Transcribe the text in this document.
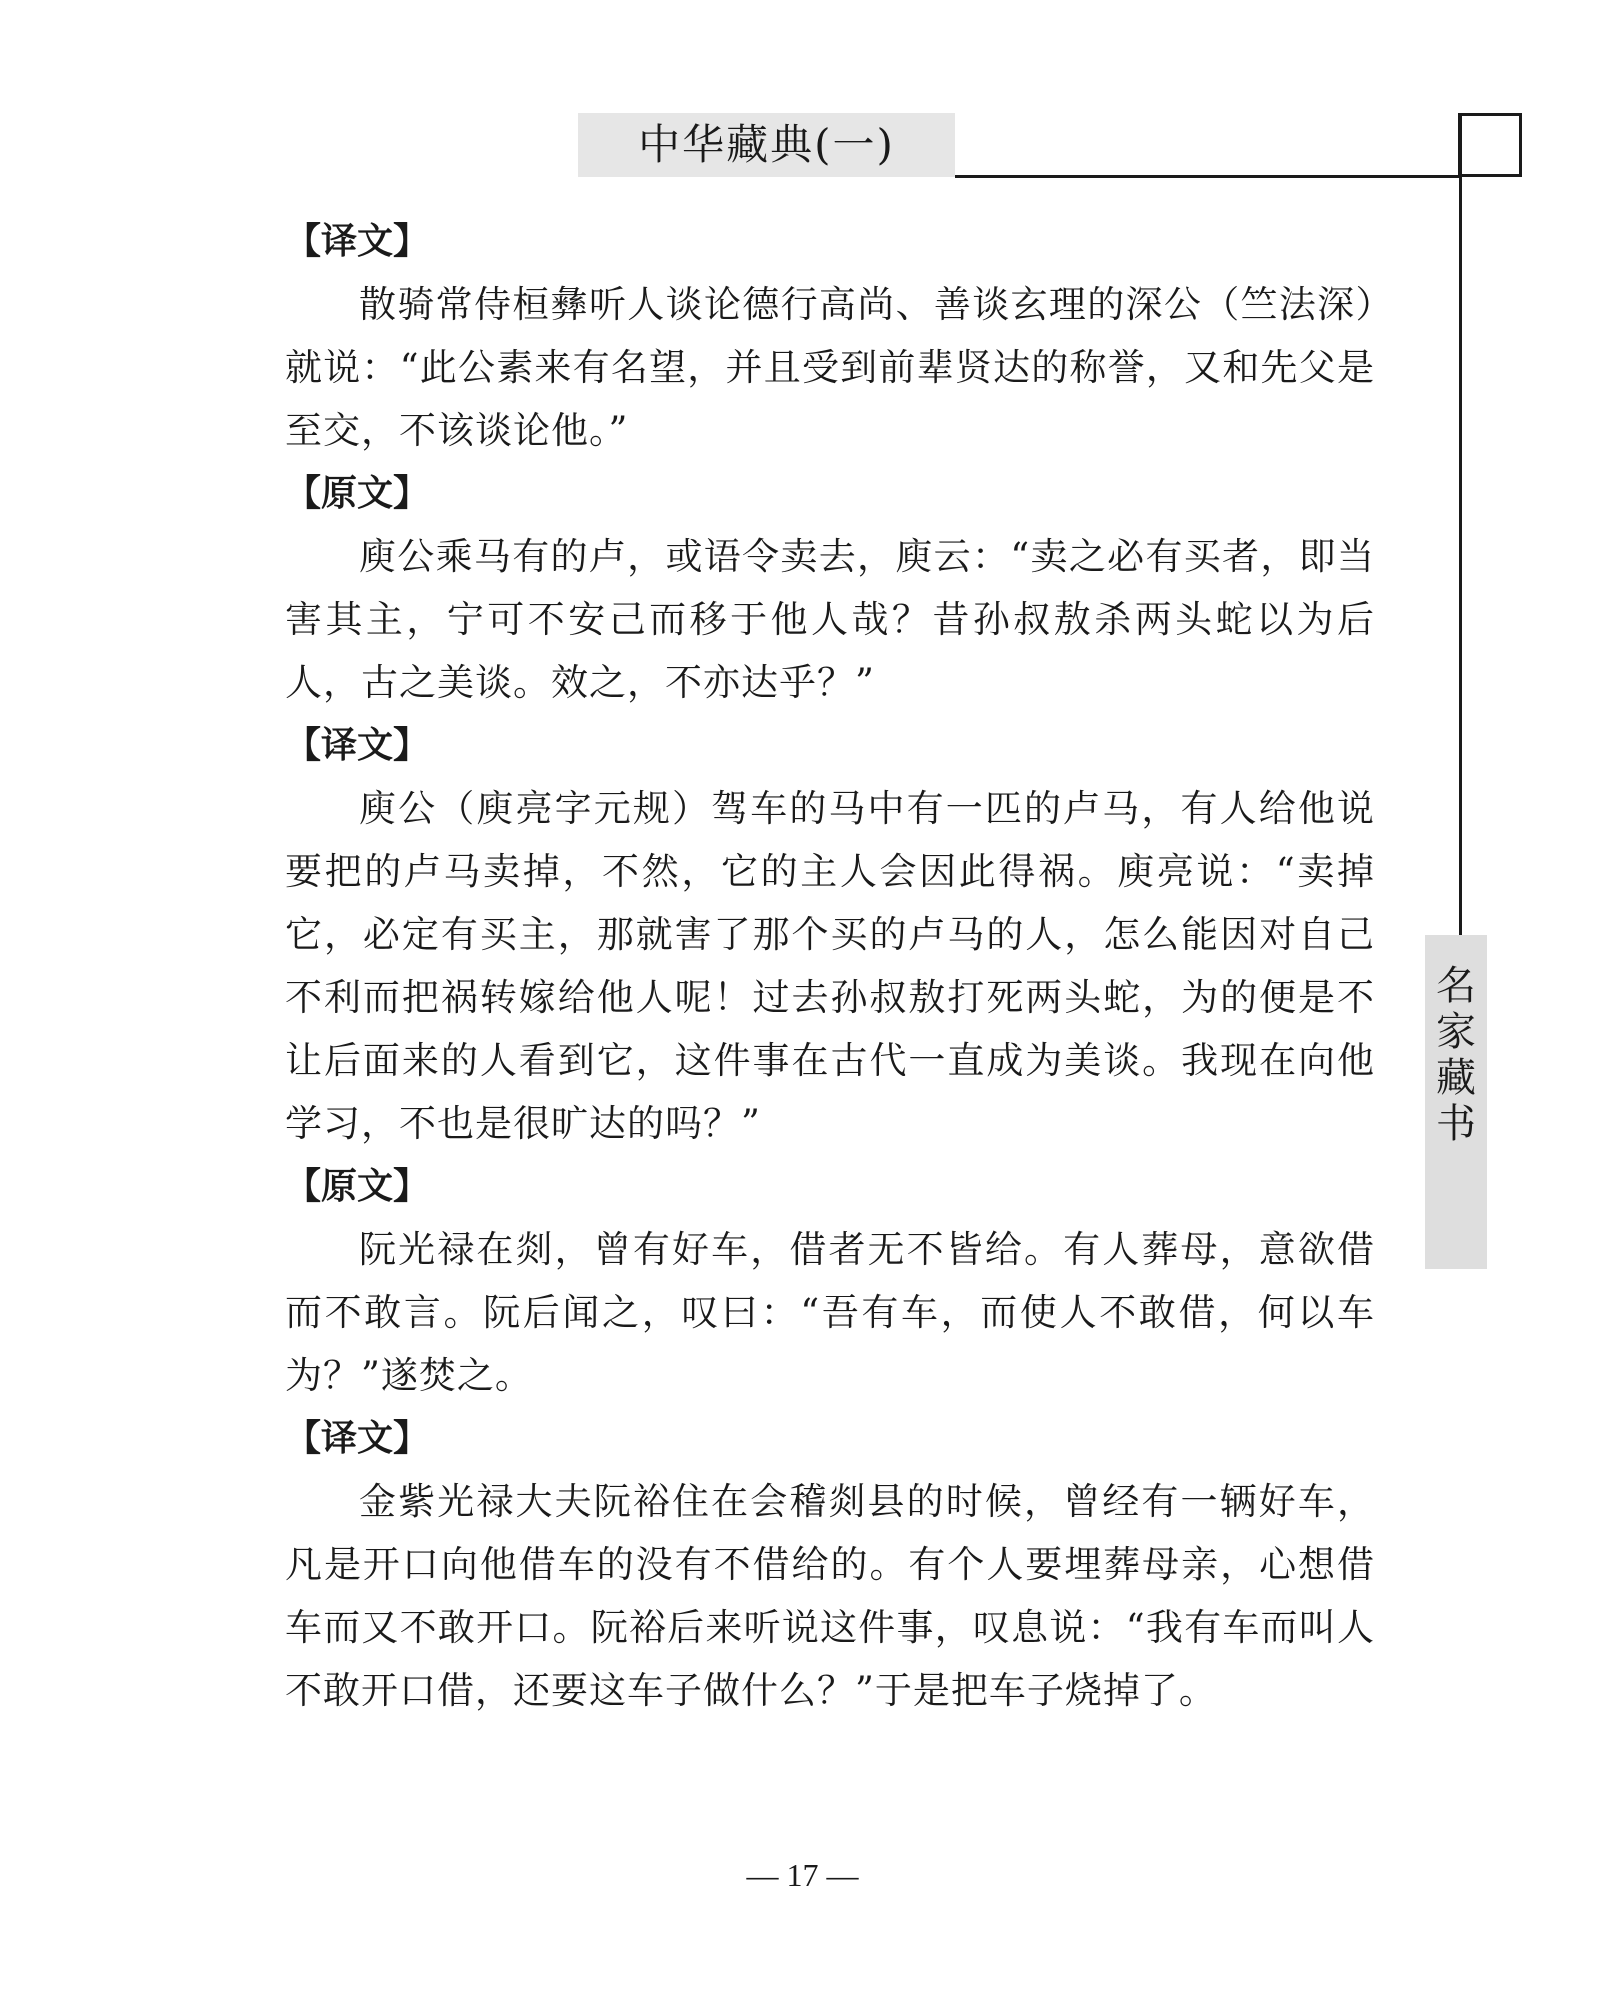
中华藏典(一)
名
家
藏
书

【译文】

散骑常侍桓彝听人谈论德行高尚、善谈玄理的深公（竺法深）就说：“此公素来有名望，并且受到前辈贤达的称誉，又和先父是至交，不该谈论他。”

【原文】

庾公乘马有的卢，或语令卖去，庾云：“卖之必有买者，即当害其主，宁可不安己而移于他人哉？昔孙叔敖杀两头蛇以为后人，古之美谈。效之，不亦达乎？”

【译文】

庾公（庾亮字元规）驾车的马中有一匹的卢马，有人给他说要把的卢马卖掉，不然，它的主人会因此得祸。庾亮说：“卖掉它，必定有买主，那就害了那个买的卢马的人，怎么能因对自己不利而把祸转嫁给他人呢！过去孙叔敖打死两头蛇，为的便是不让后面来的人看到它，这件事在古代一直成为美谈。我现在向他学习，不也是很旷达的吗？”

【原文】

阮光禄在剡，曾有好车，借者无不皆给。有人葬母，意欲借而不敢言。阮后闻之，叹曰：“吾有车，而使人不敢借，何以车为？”遂焚之。

【译文】

金紫光禄大夫阮裕住在会稽剡县的时候，曾经有一辆好车，凡是开口向他借车的没有不借给的。有个人要埋葬母亲，心想借车而又不敢开口。阮裕后来听说这件事，叹息说：“我有车而叫人不敢开口借，还要这车子做什么？”于是把车子烧掉了。

— 17 —
